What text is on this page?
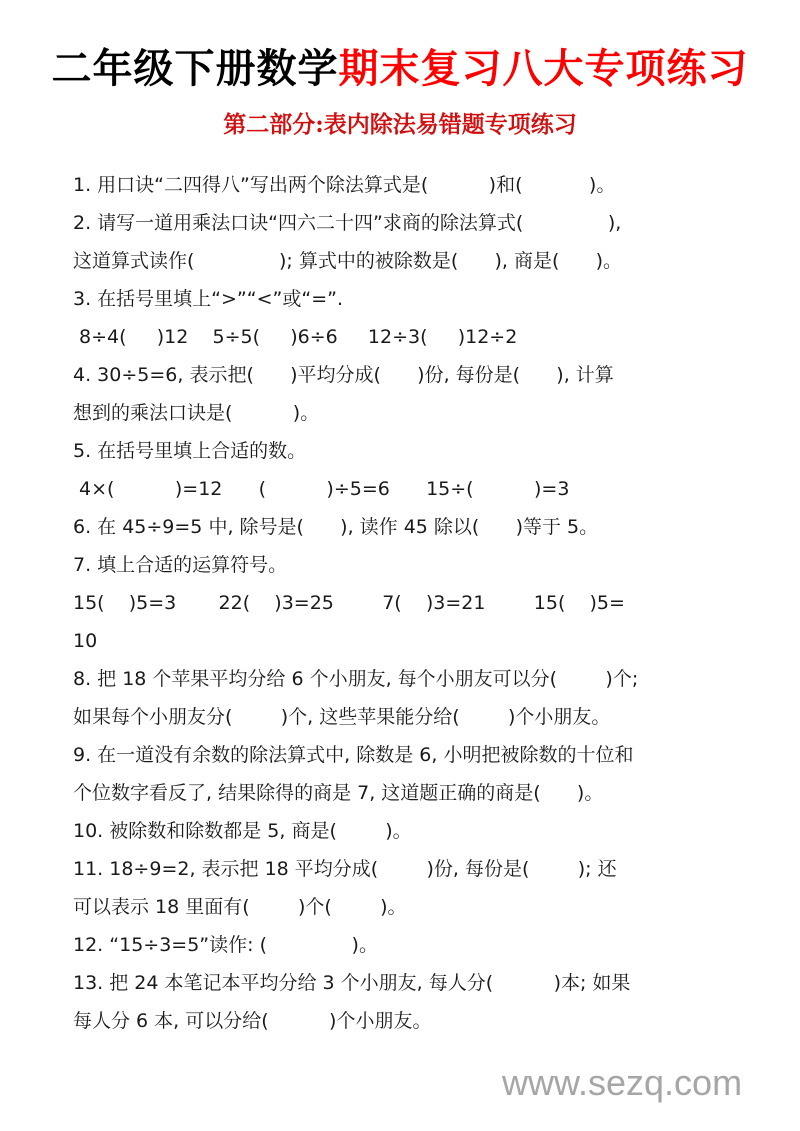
二年级下册数学期末复习八大专项练习
第二部分:表内除法易错题专项练习
1. 用口诀“二四得八”写出两个除法算式是(          )和(           )。
2. 请写一道用乘法口诀“四六二十四”求商的除法算式(              ),
这道算式读作(              ); 算式中的被除数是(      ), 商是(      )。
3. 在括号里填上“>”“<”或“=”.
8÷4(     )12    5÷5(     )6÷6     12÷3(     )12÷2
4. 30÷5=6, 表示把(      )平均分成(      )份, 每份是(      ), 计算
想到的乘法口诀是(          )。
5. 在括号里填上合适的数。
4×(          )=12      (          )÷5=6      15÷(          )=3
6. 在 45÷9=5 中, 除号是(      ), 读作 45 除以(      )等于 5。
7. 填上合适的运算符号。
15(    )5=3       22(    )3=25        7(    )3=21        15(    )5=
10
8. 把 18 个苹果平均分给 6 个小朋友, 每个小朋友可以分(        )个;
如果每个小朋友分(        )个, 这些苹果能分给(        )个小朋友。
9. 在一道没有余数的除法算式中, 除数是 6, 小明把被除数的十位和
个位数字看反了, 结果除得的商是 7, 这道题正确的商是(      )。
10. 被除数和除数都是 5, 商是(        )。
11. 18÷9=2, 表示把 18 平均分成(        )份, 每份是(        ); 还
可以表示 18 里面有(        )个(        )。
12. “15÷3=5”读作: (              )。
13. 把 24 本笔记本平均分给 3 个小朋友, 每人分(          )本; 如果
每人分 6 本, 可以分给(          )个小朋友。
www.sezq.com
